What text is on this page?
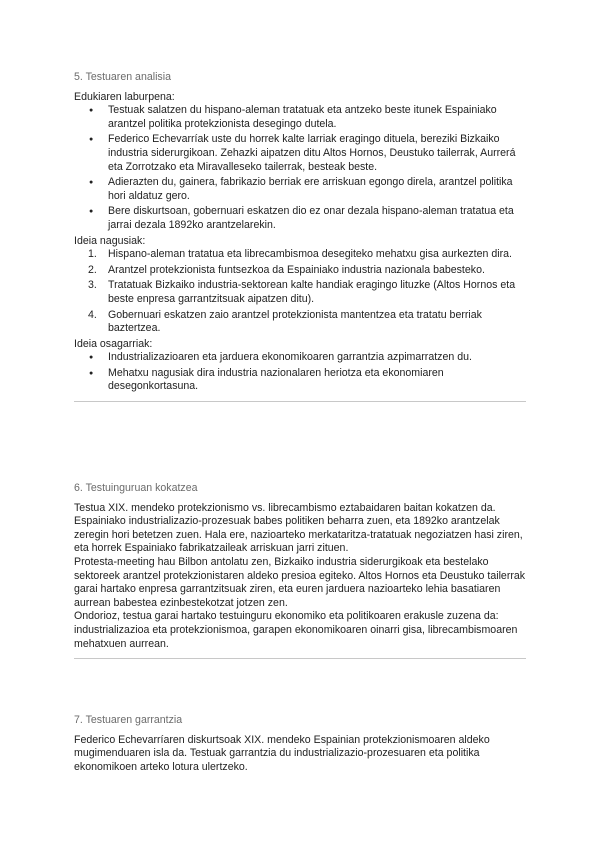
5. Testuaren analisia

Edukiaren laburpena:

● Testuak salatzen du hispano-aleman tratatuak eta antzeko beste itunek Espainiako arantzel politika protekzionista desegingo dutela.
● Federico Echevarríak uste du horrek kalte larriak eragingo dituela, bereziki Bizkaiko industria siderurgikoan. Zehazki aipatzen ditu Altos Hornos, Deustuko tailerrak, Aurrerá eta Zorrotzako eta Miravalleseko tailerrak, besteak beste.
● Adierazten du, gainera, fabrikazio berriak ere arriskuan egongo direla, arantzel politika hori aldatuz gero.
● Bere diskurtsoan, gobernuari eskatzen dio ez onar dezala hispano-aleman tratatua eta jarrai dezala 1892ko arantzelarekin.

Ideia nagusiak:

1. Hispano-aleman tratatua eta librecambismoa desegiteko mehatxu gisa aurkezten dira.
2. Arantzel protekzionista funtsezkoa da Espainiako industria nazionala babesteko.
3. Tratatuak Bizkaiko industria-sektorean kalte handiak eragingo lituzke (Altos Hornos eta beste enpresa garrantzitsuak aipatzen ditu).
4. Gobernuari eskatzen zaio arantzel protekzionista mantentzea eta tratatu berriak baztertzea.

Ideia osagarriak:

● Industrializazioaren eta jarduera ekonomikoaren garrantzia azpimarratzen du.
● Mehatxu nagusiak dira industria nazionalaren heriotza eta ekonomiaren desegonkortasuna.
6. Testuinguruan kokatzea

Testua XIX. mendeko protekzionismo vs. librecambismo eztabaidaren baitan kokatzen da. Espainiako industrializazio-prozesuak babes politiken beharra zuen, eta 1892ko arantzelak zeregin hori betetzen zuen. Hala ere, nazioarteko merkataritza-tratatuak negoziatzen hasi ziren, eta horrek Espainiako fabrikatzaileak arriskuan jarri zituen.

Protesta-meeting hau Bilbon antolatu zen, Bizkaiko industria siderurgikoak eta bestelako sektoreek arantzel protekzionistaren aldeko presioa egiteko. Altos Hornos eta Deustuko tailerrak garai hartako enpresa garrantzitsuak ziren, eta euren jarduera nazioarteko lehia basatiaren aurrean babestea ezinbestekotzat jotzen zen.

Ondorioz, testua garai hartako testuinguru ekonomiko eta politikoaren erakusle zuzena da: industrializazioa eta protekzionismoa, garapen ekonomikoaren oinarri gisa, librecambismoaren mehatxuen aurrean.

7. Testuaren garrantzia

Federico Echevarríaren diskurtsoak XIX. mendeko Espainian protekzionismoaren aldeko mugimenduaren isla da. Testuak garrantzia du industrializazio-prozesuaren eta politika ekonomikoen arteko lotura ulertzeko.
